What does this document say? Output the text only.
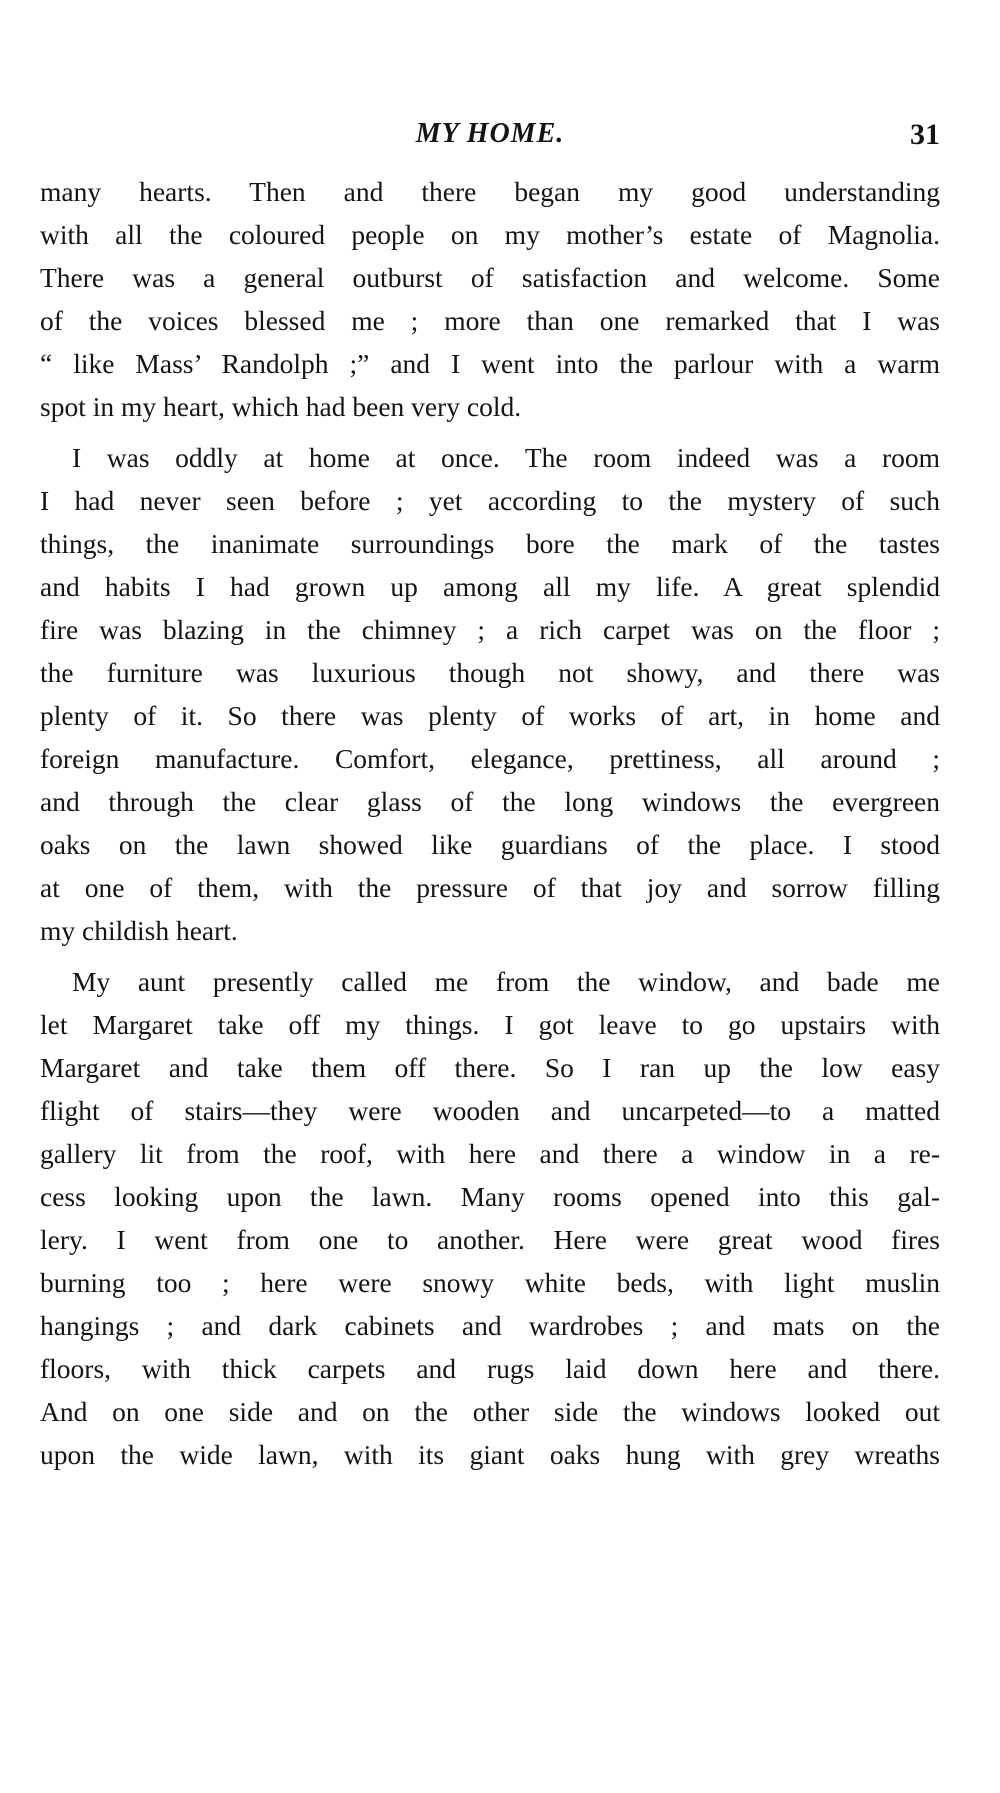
MY HOME.	31

many hearts. Then and there began my good understanding

with all the coloured people on my mother’s estate of Magnolia.

There was a general outburst of satisfaction and welcome. Some

of the voices blessed me ; more than one remarked that I was

“ like Mass’ Randolph ;” and I went into the parlour with a warm

spot in my heart, which had been very cold.

I was oddly at home at once. The room indeed was a room

I had never seen before ; yet according to the mystery of such

things, the inanimate surroundings bore the mark of the tastes

and habits I had grown up among all my life. A great splendid

fire was blazing in the chimney ; a rich carpet was on the floor ;

the furniture was luxurious though not showy, and there was

plenty of it. So there was plenty of works of art, in home and

foreign manufacture. Comfort, elegance, prettiness, all around ;

and through the clear glass of the long windows the evergreen

oaks on the lawn showed like guardians of the place. I stood

at one of them, with the pressure of that joy and sorrow filling

my childish heart.

My aunt presently called me from the window, and bade me

let Margaret take off my things. I got leave to go upstairs with

Margaret and take them off there. So I ran up the low easy

flight of stairs—they were wooden and uncarpeted—to a matted

gallery lit from the roof, with here and there a window in a re-

cess looking upon the lawn. Many rooms opened into this gal-

lery. I went from one to another. Here were great wood fires

burning too ; here were snowy white beds, with light muslin

hangings ; and dark cabinets and wardrobes ; and mats on the

floors, with thick carpets and rugs laid down here and there.

And on one side and on the other side the windows looked out

upon the wide lawn, with its giant oaks hung with grey wreaths
